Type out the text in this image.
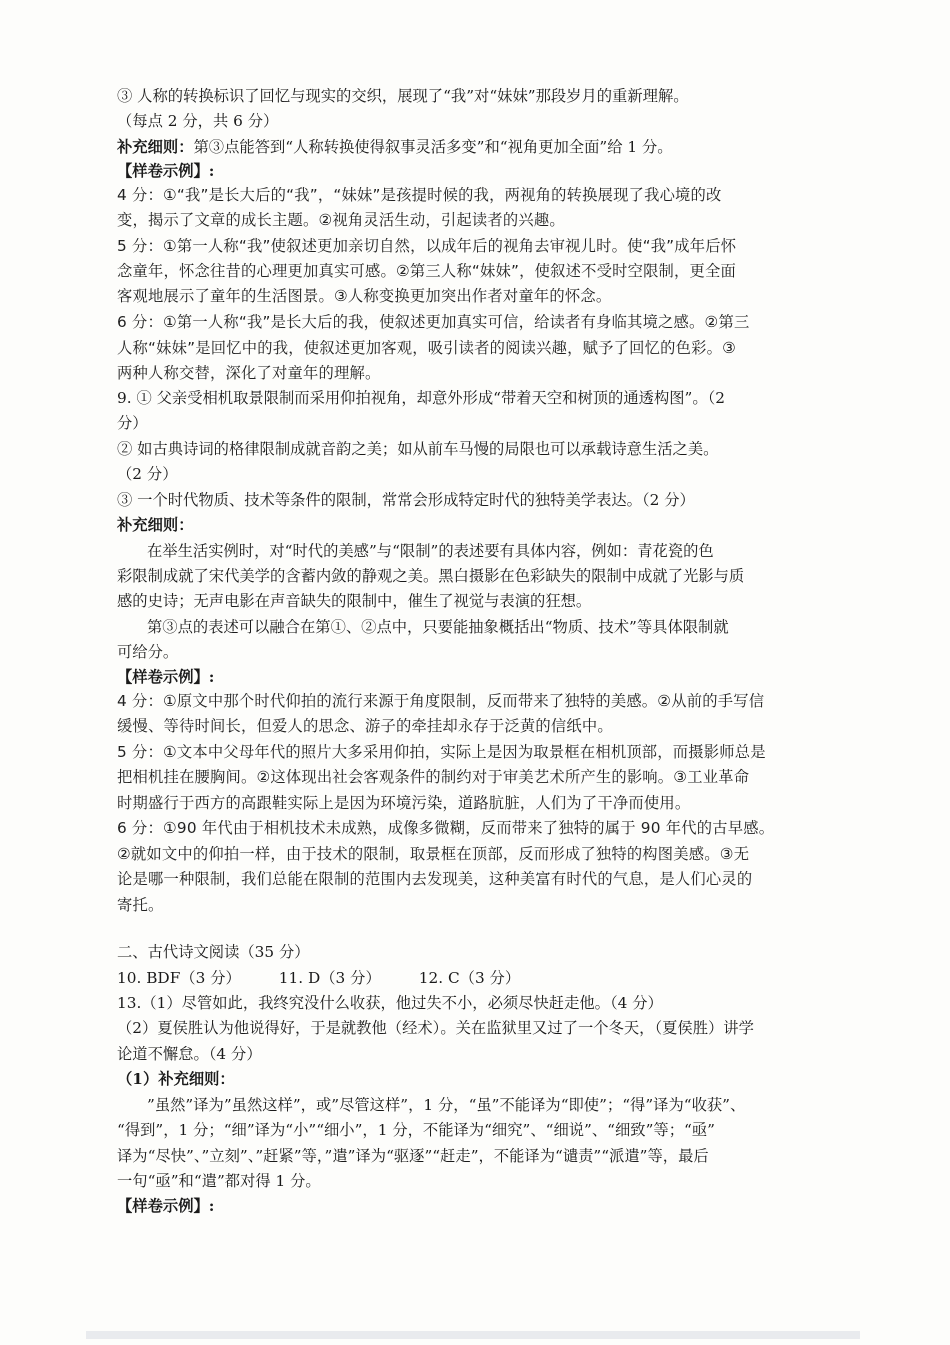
③ 人称的转换标识了回忆与现实的交织，展现了“我”对“妹妹”那段岁月的重新理解。
（每点 2 分，共 6 分）
补充细则：第③点能答到“人称转换使得叙事灵活多变”和“视角更加全面”给 1 分。
【样卷示例】:
4 分：①“我”是长大后的“我”，“妹妹”是孩提时候的我，两视角的转换展现了我心境的改
变，揭示了文章的成长主题。②视角灵活生动，引起读者的兴趣。
5 分：①第一人称“我”使叙述更加亲切自然，以成年后的视角去审视儿时。使“我”成年后怀
念童年，怀念往昔的心理更加真实可感。②第三人称“妹妹”，使叙述不受时空限制，更全面
客观地展示了童年的生活图景。③人称变换更加突出作者对童年的怀念。
6 分：①第一人称“我”是长大后的我，使叙述更加真实可信，给读者有身临其境之感。②第三
人称“妹妹”是回忆中的我，使叙述更加客观，吸引读者的阅读兴趣，赋予了回忆的色彩。③
两种人称交替，深化了对童年的理解。
9. ① 父亲受相机取景限制而采用仰拍视角，却意外形成“带着天空和树顶的通透构图”。（2
分）
② 如古典诗词的格律限制成就音韵之美；如从前车马慢的局限也可以承载诗意生活之美。
（2 分）
③ 一个时代物质、技术等条件的限制，常常会形成特定时代的独特美学表达。（2 分）
补充细则：
在举生活实例时，对“时代的美感”与“限制”的表述要有具体内容，例如：青花瓷的色
彩限制成就了宋代美学的含蓄内敛的静观之美。黑白摄影在色彩缺失的限制中成就了光影与质
感的史诗；无声电影在声音缺失的限制中，催生了视觉与表演的狂想。
第③点的表述可以融合在第①、②点中，只要能抽象概括出“物质、技术”等具体限制就
可给分。
【样卷示例】:
4 分：①原文中那个时代仰拍的流行来源于角度限制，反而带来了独特的美感。②从前的手写信
缓慢、等待时间长，但爱人的思念、游子的牵挂却永存于泛黄的信纸中。
5 分：①文本中父母年代的照片大多采用仰拍，实际上是因为取景框在相机顶部，而摄影师总是
把相机挂在腰胸间。②这体现出社会客观条件的制约对于审美艺术所产生的影响。③工业革命
时期盛行于西方的高跟鞋实际上是因为环境污染，道路肮脏，人们为了干净而使用。
6 分：①90 年代由于相机技术未成熟，成像多微糊，反而带来了独特的属于 90 年代的古早感。
②就如文中的仰拍一样，由于技术的限制，取景框在顶部，反而形成了独特的构图美感。③无
论是哪一种限制，我们总能在限制的范围内去发现美，这种美富有时代的气息，是人们心灵的
寄托。
二、古代诗文阅读（35 分）
10. BDF（3 分） 11. D（3 分） 12. C（3 分）
13.（1）尽管如此，我终究没什么收获，他过失不小，必须尽快赶走他。（4 分）
（2）夏侯胜认为他说得好，于是就教他（经术）。关在监狱里又过了一个冬天，（夏侯胜）讲学
论道不懈怠。（4 分）
（1）补充细则：
”虽然”译为”虽然这样”，或”尽管这样”，1 分，“虽”不能译为“即使”；“得”译为“收获”、
“得到”，1 分；“细”译为“小”“细小”，1 分，不能译为“细究”、“细说”、“细致”等；“亟”
译为“尽快”、”立刻”、”赶紧”等，”遣”译为“驱逐”“赶走”，不能译为“谴责”“派遣”等，最后
一句“亟”和“遣”都对得 1 分。
【样卷示例】:
